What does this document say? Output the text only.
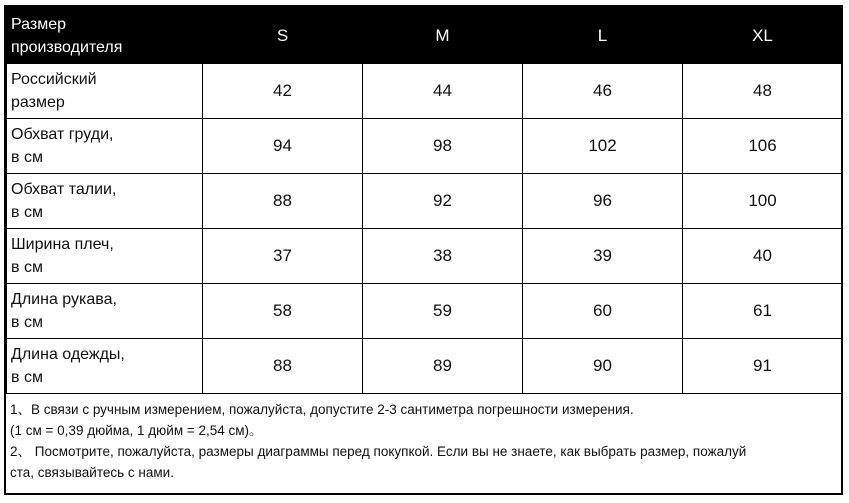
Размер
производителя	S	M	L	XL

Российский
размер	42	44	46	48

Обхват груди,
в см	94	98	102	106

Обхват талии,
в см	88	92	96	100

Ширина плеч,
в см	37	38	39	40

Длина рукава,
в см	58	59	60	61

Длина одежды,
в см	88	89	90	91
1、В связи с ручным измерением, пожалуйста, допустите 2-3 сантиметра погрешности измерения.
(1 см = 0,39 дюйма, 1 дюйм = 2,54 см)。
2、 Посмотрите, пожалуйста, размеры диаграммы перед покупкой. Если вы не знаете, как выбрать размер, пожалуй
ста, связывайтесь с нами.
